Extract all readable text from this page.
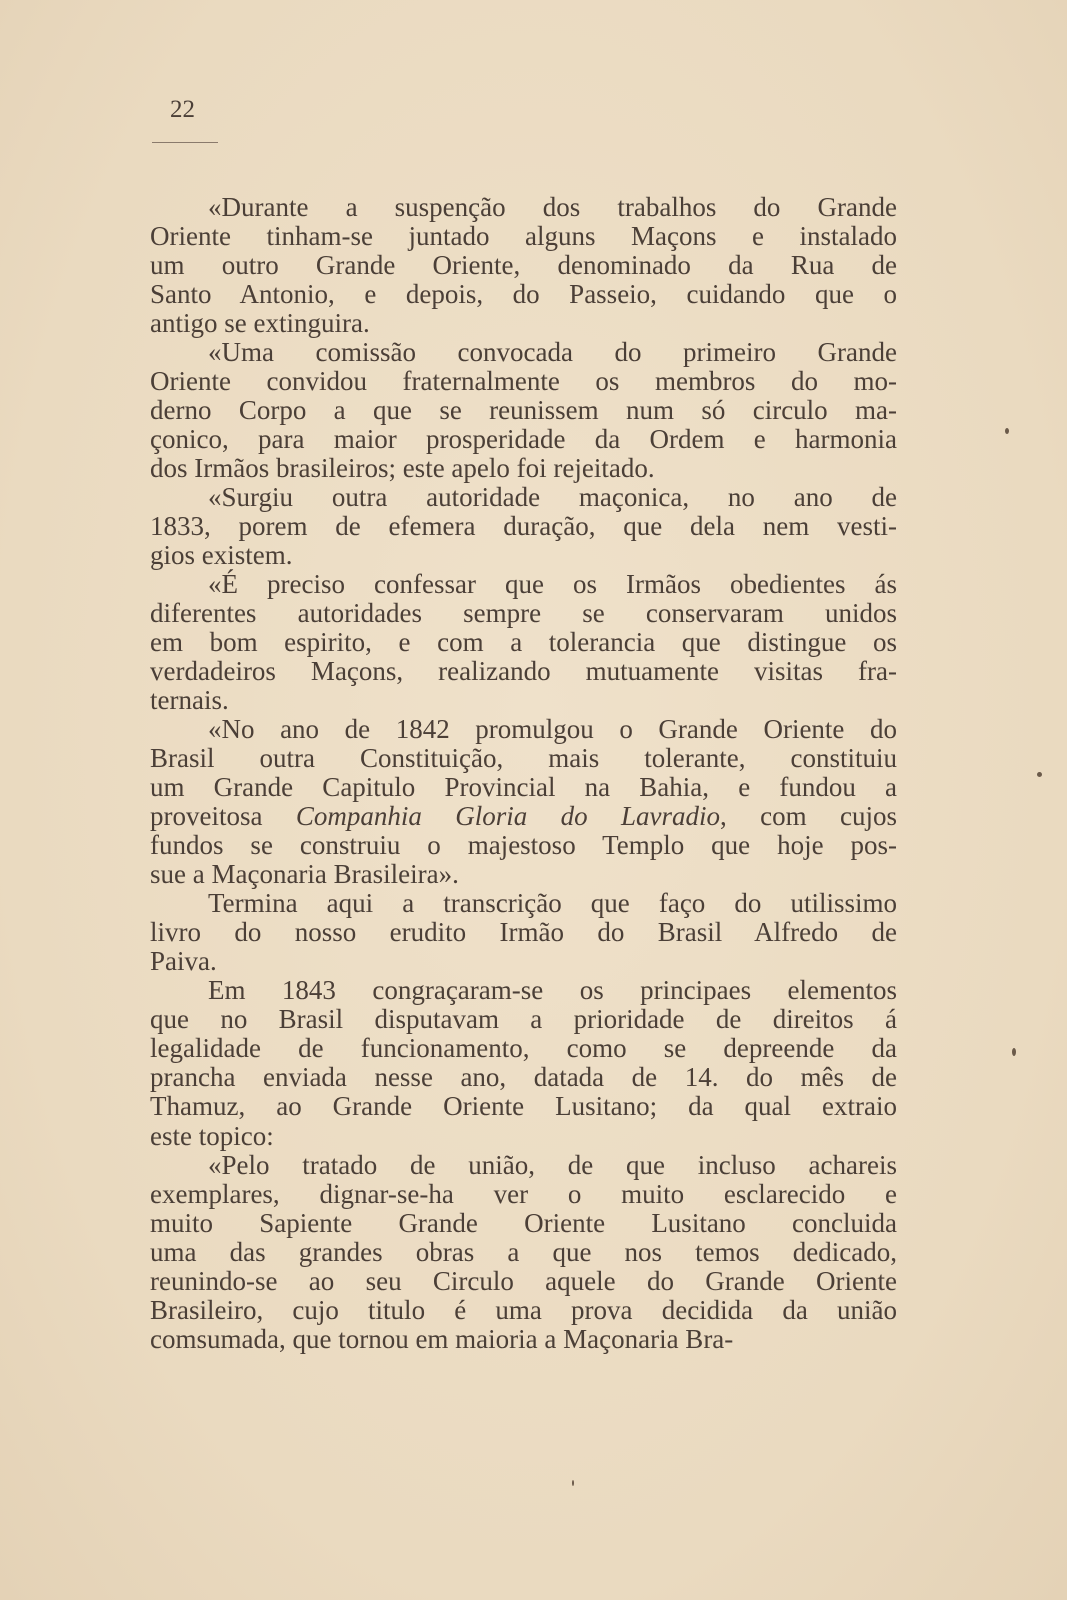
22
«Durante a suspenção dos trabalhos do Grande
Oriente tinham-se juntado alguns Maçons e instalado
um outro Grande Oriente, denominado da Rua de
Santo Antonio, e depois, do Passeio, cuidando que o
antigo se extinguira.
«Uma comissão convocada do primeiro Grande
Oriente convidou fraternalmente os membros do mo-
derno Corpo a que se reunissem num só circulo ma-
çonico, para maior prosperidade da Ordem e harmonia
dos Irmãos brasileiros; este apelo foi rejeitado.
«Surgiu outra autoridade maçonica, no ano de
1833, porem de efemera duração, que dela nem vesti-
gios existem.
«É preciso confessar que os Irmãos obedientes ás
diferentes autoridades sempre se conservaram unidos
em bom espirito, e com a tolerancia que distingue os
verdadeiros Maçons, realizando mutuamente visitas fra-
ternais.
«No ano de 1842 promulgou o Grande Oriente do
Brasil outra Constituição, mais tolerante, constituiu
um Grande Capitulo Provincial na Bahia, e fundou a
proveitosa Companhia Gloria do Lavradio, com cujos
fundos se construiu o majestoso Templo que hoje pos-
sue a Maçonaria Brasileira».
Termina aqui a transcrição que faço do utilissimo
livro do nosso erudito Irmão do Brasil Alfredo de
Paiva.
Em 1843 congraçaram-se os principaes elementos
que no Brasil disputavam a prioridade de direitos á
legalidade de funcionamento, como se depreende da
prancha enviada nesse ano, datada de 14. do mês de
Thamuz, ao Grande Oriente Lusitano; da qual extraio
este topico:
«Pelo tratado de união, de que incluso achareis
exemplares, dignar-se-ha ver o muito esclarecido e
muito Sapiente Grande Oriente Lusitano concluida
uma das grandes obras a que nos temos dedicado,
reunindo-se ao seu Circulo aquele do Grande Oriente
Brasileiro, cujo titulo é uma prova decidida da união
comsumada, que tornou em maioria a Maçonaria Bra-
